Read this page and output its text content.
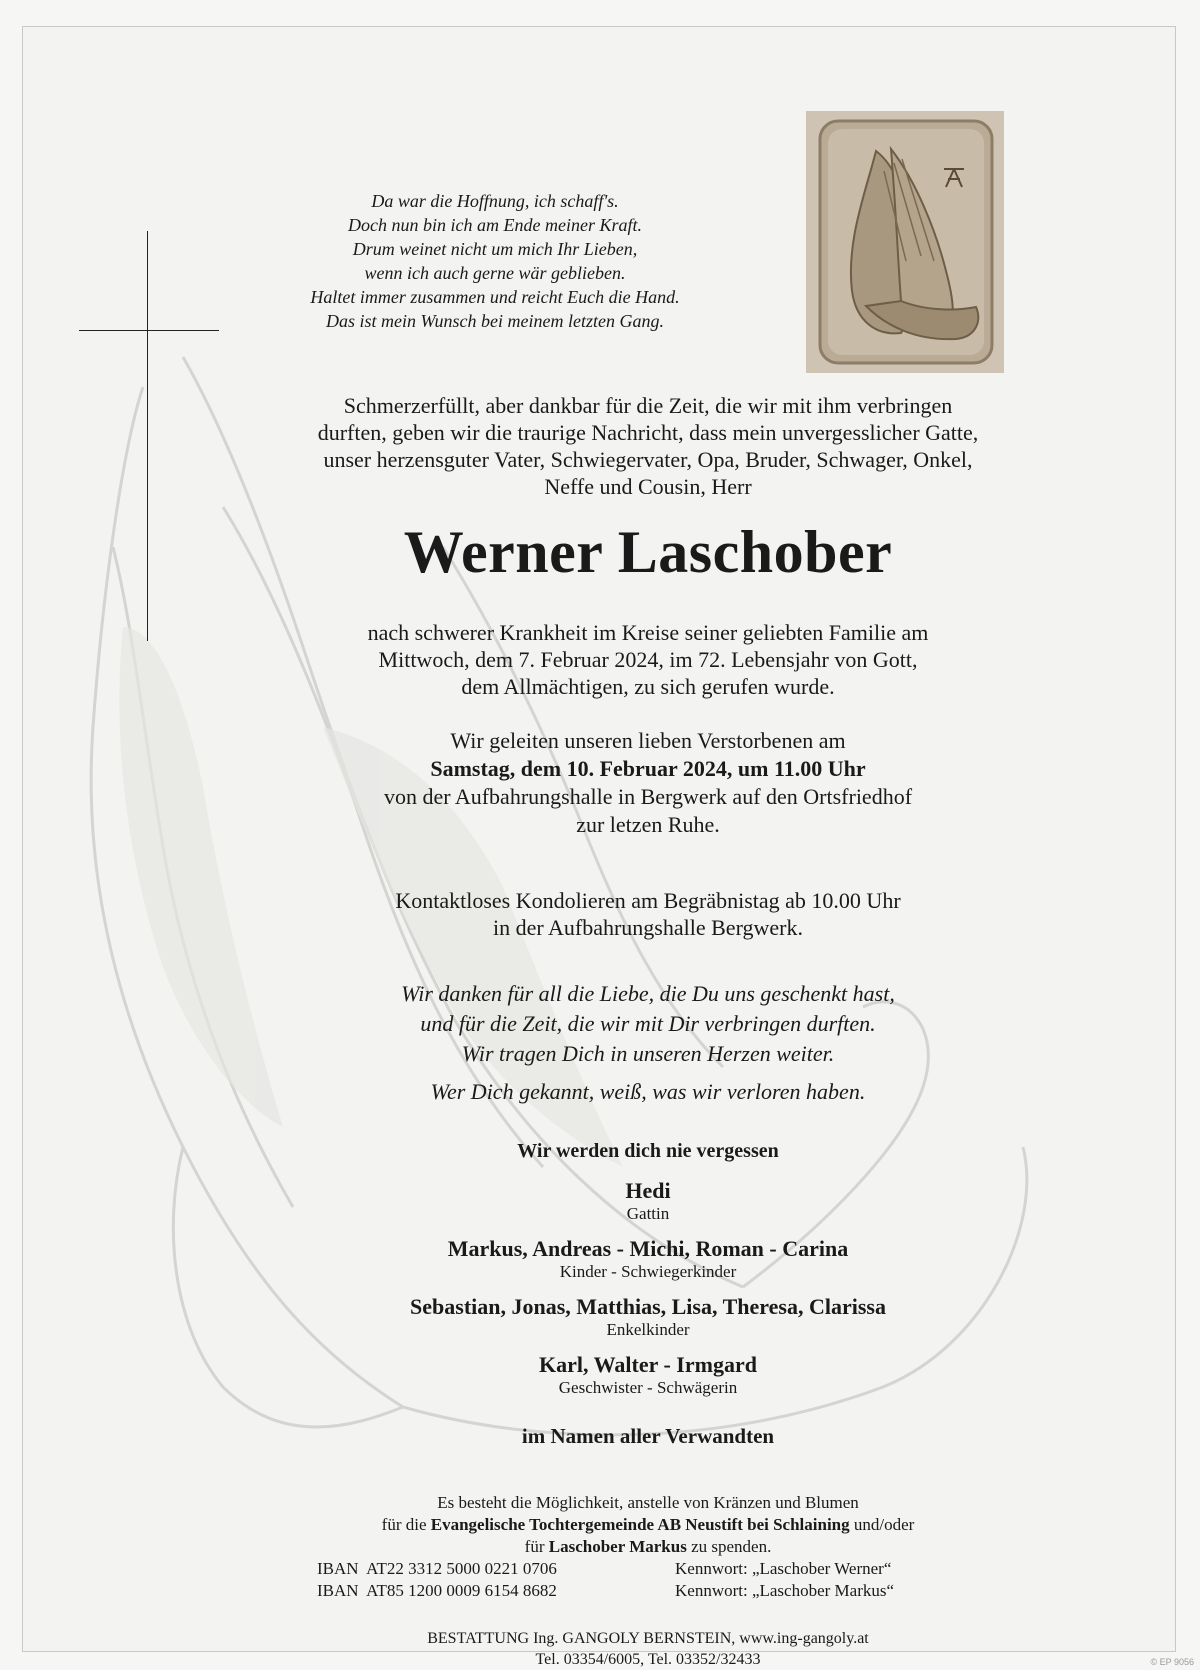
Da war die Hoffnung, ich schaff's.
Doch nun bin ich am Ende meiner Kraft.
Drum weinet nicht um mich Ihr Lieben,
wenn ich auch gerne wär geblieben.
Haltet immer zusammen und reicht Euch die Hand.
Das ist mein Wunsch bei meinem letzten Gang.
Schmerzerfüllt, aber dankbar für die Zeit, die wir mit ihm verbringen
durften, geben wir die traurige Nachricht, dass mein unvergesslicher Gatte,
unser herzensguter Vater, Schwiegervater, Opa, Bruder, Schwager, Onkel,
Neffe und Cousin, Herr
Werner Laschober
nach schwerer Krankheit im Kreise seiner geliebten Familie am
Mittwoch, dem 7. Februar 2024, im 72. Lebensjahr von Gott,
dem Allmächtigen, zu sich gerufen wurde.
Wir geleiten unseren lieben Verstorbenen am
Samstag, dem 10. Februar 2024, um 11.00 Uhr
von der Aufbahrungshalle in Bergwerk auf den Ortsfriedhof
zur letzen Ruhe.
Kontaktloses Kondolieren am Begräbnistag ab 10.00 Uhr
in der Aufbahrungshalle Bergwerk.
Wir danken für all die Liebe, die Du uns geschenkt hast,
und für die Zeit, die wir mit Dir verbringen durften.
Wir tragen Dich in unseren Herzen weiter.
Wer Dich gekannt, weiß, was wir verloren haben.
Wir werden dich nie vergessen
Hedi
Gattin
Markus, Andreas - Michi, Roman - Carina
Kinder - Schwiegerkinder
Sebastian, Jonas, Matthias, Lisa, Theresa, Clarissa
Enkelkinder
Karl, Walter - Irmgard
Geschwister - Schwägerin
im Namen aller Verwandten
Es besteht die Möglichkeit, anstelle von Kränzen und Blumen
für die Evangelische Tochtergemeinde AB Neustift bei Schlaining und/oder
für Laschober Markus zu spenden.
IBAN  AT22 3312 5000 0221 0706
IBAN  AT85 1200 0009 6154 8682
Kennwort: „Laschober Werner“
Kennwort: „Laschober Markus“
BESTATTUNG Ing. GANGOLY BERNSTEIN, www.ing-gangoly.at
Tel. 03354/6005, Tel. 03352/32433	© EP 9056
